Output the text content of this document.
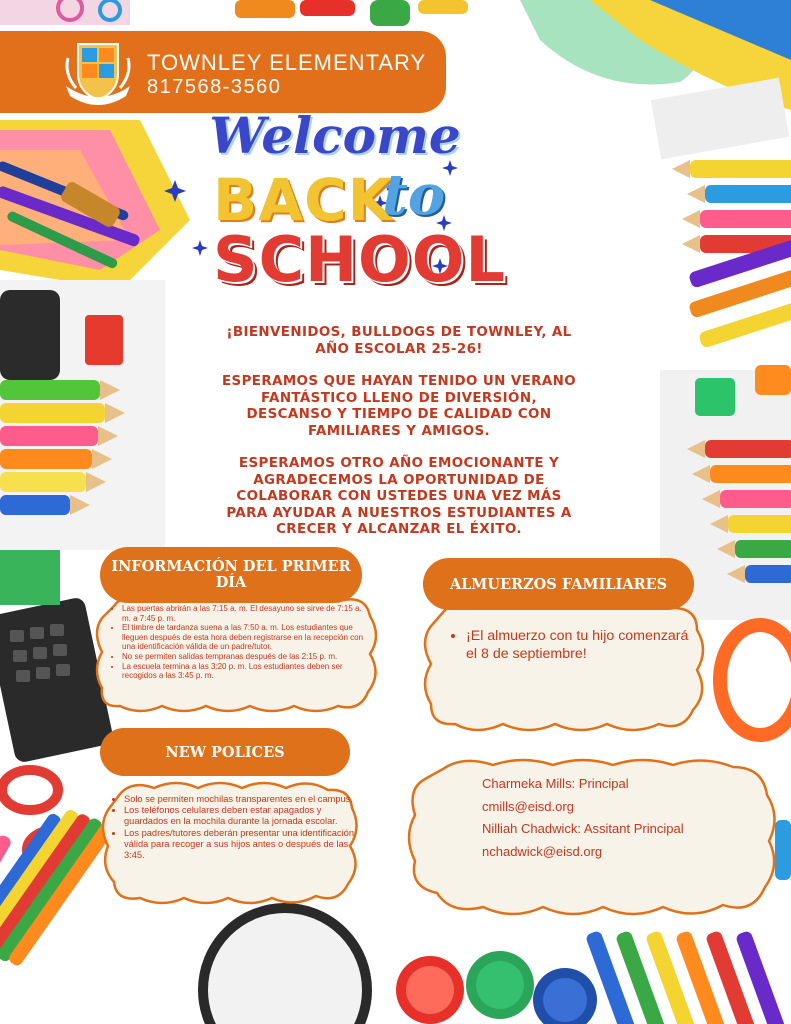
TOWNLEY ELEMENTARY
817568-3560
Welcome
BACK
to
SCHOOL

¡BIENVENIDOS, BULLDOGS DE TOWNLEY, AL AÑO ESCOLAR 25-26!

ESPERAMOS QUE HAYAN TENIDO UN VERANO FANTÁSTICO LLENO DE DIVERSIÓN, DESCANSO Y TIEMPO DE CALIDAD CON FAMILIARES Y AMIGOS.

ESPERAMOS OTRO AÑO EMOCIONANTE Y AGRADECEMOS LA OPORTUNIDAD DE COLABORAR CON USTEDES UNA VEZ MÁS PARA AYUDAR A NUESTROS ESTUDIANTES A CRECER Y ALCANZAR EL ÉXITO.

INFORMACIÓN DEL PRIMER DÍA	ALMUERZOS FAMILIARES
NEW POLICES
• Las puertas abrirán a las 7:15 a. m. El desayuno se sirve de 7:15 a. m. a 7:45 p. m.
• El timbre de tardanza suena a las 7:50 a. m. Los estudiantes que lleguen después de esta hora deben registrarse en la recepción con una identificación válida de un padre/tutor.
• No se permiten salidas tempranas después de las 2:15 p. m.
• La escuela termina a las 3:20 p. m. Los estudiantes deben ser recogidos a las 3:45 p. m.
• Solo se permiten mochilas transparentes en el campus.
• Los teléfonos celulares deben estar apagados y guardados en la mochila durante la jornada escolar.
• Los padres/tutores deberán presentar una identificación válida para recoger a sus hijos antes o después de las 3:45.
• ¡El almuerzo con tu hijo comenzará el 8 de septiembre!
Charmeka Mills: Principal
cmills@eisd.org
Nilliah Chadwick: Assitant Principal
nchadwick@eisd.org
